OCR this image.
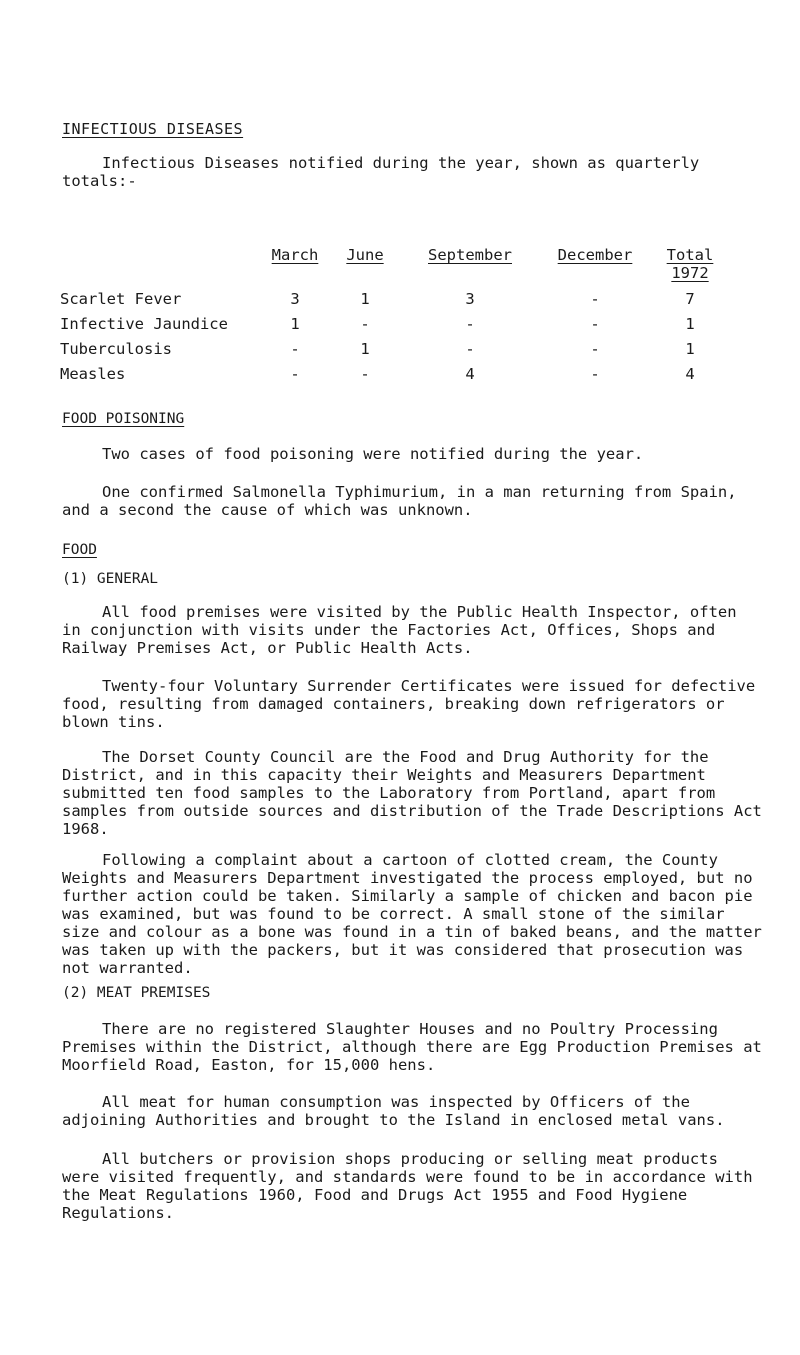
INFECTIOUS DISEASES

Infectious Diseases notified during the year, shown as quarterly totals:-

	March	June	September	December	Total
1972

Scarlet Fever	3	1	3	-	7
Infective Jaundice	1	-	-	-	1
Tuberculosis	-	1	-	-	1
Measles	-	-	4	-	4
FOOD POISONING

Two cases of food poisoning were notified during the year.

One confirmed Salmonella Typhimurium, in a man returning from Spain, and a second the cause of which was unknown.

FOOD
(1) GENERAL

All food premises were visited by the Public Health Inspector, often in conjunction with visits under the Factories Act, Offices, Shops and Railway Premises Act, or Public Health Acts.

Twenty-four Voluntary Surrender Certificates were issued for defective food, resulting from damaged containers, breaking down refrigerators or blown tins.

The Dorset County Council are the Food and Drug Authority for the District, and in this capacity their Weights and Measurers Department submitted ten food samples to the Laboratory from Portland, apart from samples from outside sources and distribution of the Trade Descriptions Act 1968.

Following a complaint about a cartoon of clotted cream, the County Weights and Measurers Department investigated the process employed, but no further action could be taken. Similarly a sample of chicken and bacon pie was examined, but was found to be correct. A small stone of the similar size and colour as a bone was found in a tin of baked beans, and the matter was taken up with the packers, but it was considered that prosecution was not warranted.

(2) MEAT PREMISES

There are no registered Slaughter Houses and no Poultry Processing Premises within the District, although there are Egg Production Premises at Moorfield Road, Easton, for 15,000 hens.

All meat for human consumption was inspected by Officers of the adjoining Authorities and brought to the Island in enclosed metal vans.

All butchers or provision shops producing or selling meat products were visited frequently, and standards were found to be in accordance with the Meat Regulations 1960, Food and Drugs Act 1955 and Food Hygiene Regulations.
